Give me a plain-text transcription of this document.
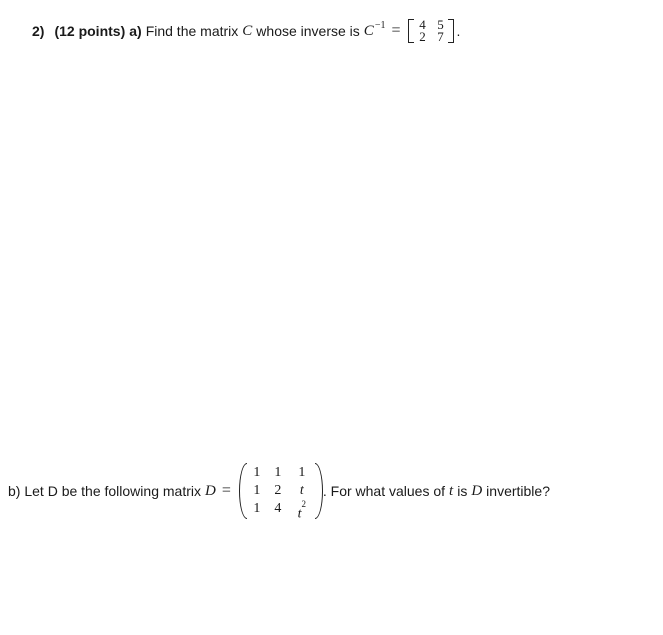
2) (12 points) a) Find the matrix C whose inverse is $C^{-1} = 4$ 5
2 7 .
b) Let D be the following matrix D =
1	1	1
1	2	t
1	4	$t^2$
. For what values of t is D invertible?
